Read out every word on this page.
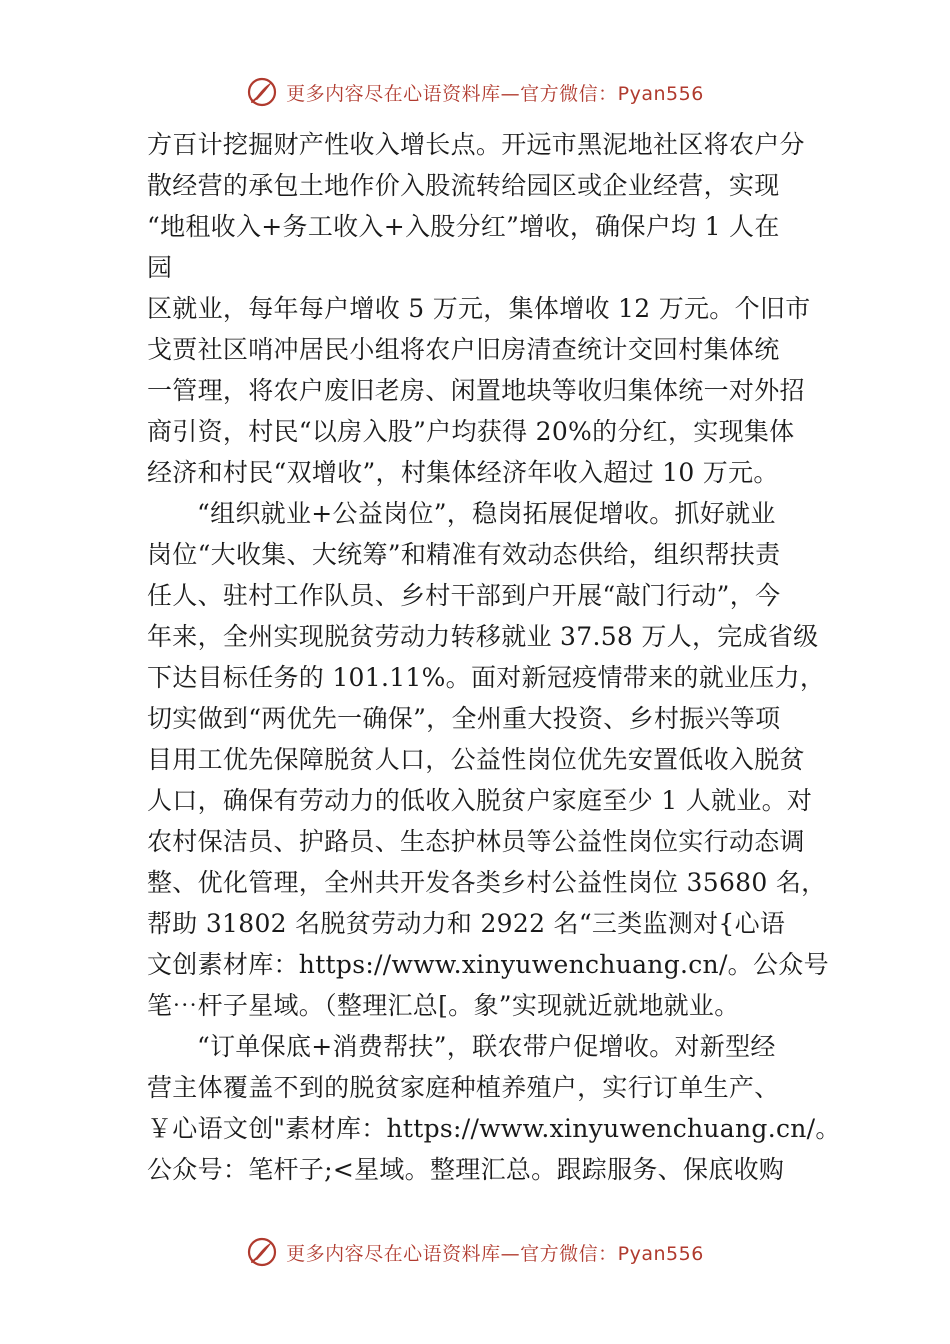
更多内容尽在心语资料库—官方微信：Pyan556
方百计挖掘财产性收入增长点。开远市黑泥地社区将农户分
散经营的承包土地作价入股流转给园区或企业经营，实现
“地租收入+务工收入+入股分红”增收，确保户均 1 人在
园
区就业，每年每户增收 5 万元，集体增收 12 万元。个旧市
戈贾社区哨冲居民小组将农户旧房清查统计交回村集体统
一管理，将农户废旧老房、闲置地块等收归集体统一对外招
商引资，村民“以房入股”户均获得 20%的分红，实现集体
经济和村民“双增收”，村集体经济年收入超过 10 万元。
“组织就业+公益岗位”，稳岗拓展促增收。抓好就业
岗位“大收集、大统筹”和精准有效动态供给，组织帮扶责
任人、驻村工作队员、乡村干部到户开展“敲门行动”，今
年来，全州实现脱贫劳动力转移就业 37.58 万人，完成省级
下达目标任务的 101.11%。面对新冠疫情带来的就业压力，
切实做到“两优先一确保”，全州重大投资、乡村振兴等项
目用工优先保障脱贫人口，公益性岗位优先安置低收入脱贫
人口，确保有劳动力的低收入脱贫户家庭至少 1 人就业。对
农村保洁员、护路员、生态护林员等公益性岗位实行动态调
整、优化管理，全州共开发各类乡村公益性岗位 35680 名，
帮助 31802 名脱贫劳动力和 2922 名“三类监测对{心语
文创素材库：https://www.xinyuwenchuang.cn/。公众号
笔⋯杆子星域。（整理汇总[。象”实现就近就地就业。
“订单保底+消费帮扶”，联农带户促增收。对新型经
营主体覆盖不到的脱贫家庭种植养殖户，实行订单生产、
￥心语文创"素材库：https://www.xinyuwenchuang.cn/。
公众号：笔杆子;<星域。整理汇总。跟踪服务、保底收购
更多内容尽在心语资料库—官方微信：Pyan556
